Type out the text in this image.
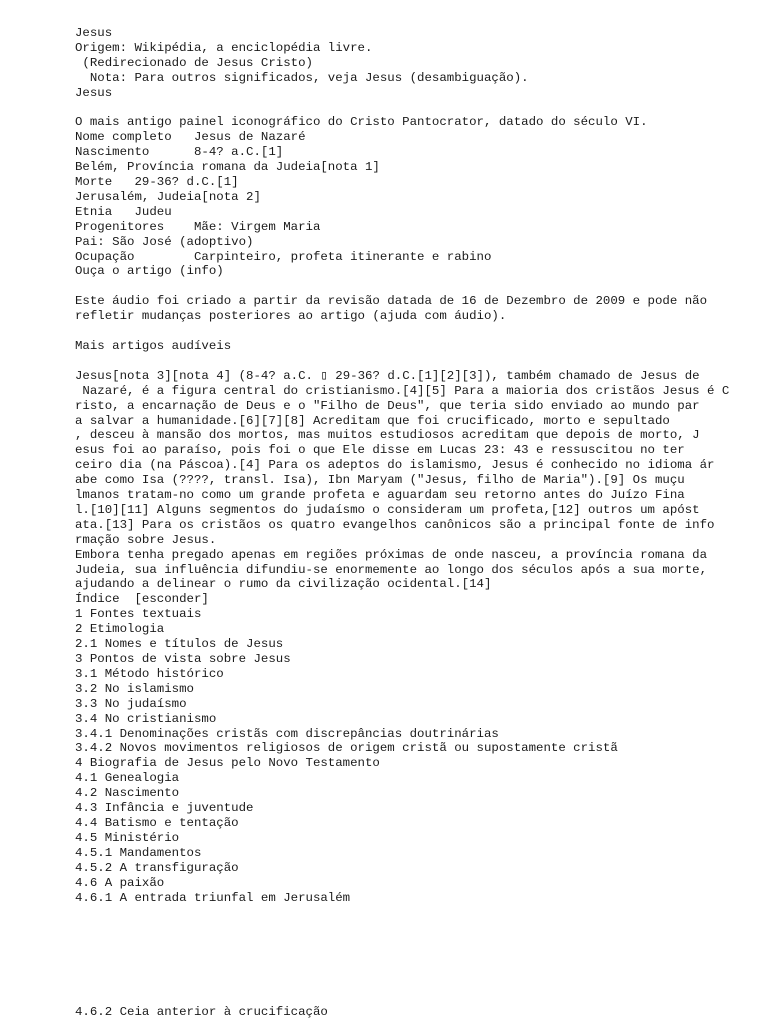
Jesus
Origem: Wikipédia, a enciclopédia livre.
(Redirecionado de Jesus Cristo)
Nota: Para outros significados, veja Jesus (desambiguação).
Jesus
O mais antigo painel iconográfico do Cristo Pantocrator, datado do século VI.
Nome completo   Jesus de Nazaré
Nascimento      8-4? a.C.[1]
Belém, Província romana da Judeia[nota 1]
Morte   29-36? d.C.[1]
Jerusalém, Judeia[nota 2]
Etnia   Judeu
Progenitores    Mãe: Virgem Maria
Pai: São José (adoptivo)
Ocupação        Carpinteiro, profeta itinerante e rabino
Ouça o artigo (info)
Este áudio foi criado a partir da revisão datada de 16 de Dezembro de 2009 e pode não
refletir mudanças posteriores ao artigo (ajuda com áudio).
Mais artigos audíveis
Jesus[nota 3][nota 4] (8-4? a.C. ▯ 29-36? d.C.[1][2][3]), também chamado de Jesus de
Nazaré, é a figura central do cristianismo.[4][5] Para a maioria dos cristãos Jesus é C
risto, a encarnação de Deus e o "Filho de Deus", que teria sido enviado ao mundo par
a salvar a humanidade.[6][7][8] Acreditam que foi crucificado, morto e sepultado
, desceu à mansão dos mortos, mas muitos estudiosos acreditam que depois de morto, J
esus foi ao paraíso, pois foi o que Ele disse em Lucas 23: 43 e ressuscitou no ter
ceiro dia (na Páscoa).[4] Para os adeptos do islamismo, Jesus é conhecido no idioma ár
abe como Isa (????, transl. Isa), Ibn Maryam ("Jesus, filho de Maria").[9] Os muçu
lmanos tratam-no como um grande profeta e aguardam seu retorno antes do Juízo Fina
l.[10][11] Alguns segmentos do judaísmo o consideram um profeta,[12] outros um apóst
ata.[13] Para os cristãos os quatro evangelhos canônicos são a principal fonte de info
rmação sobre Jesus.
Embora tenha pregado apenas em regiões próximas de onde nasceu, a província romana da
Judeia, sua influência difundiu-se enormemente ao longo dos séculos após a sua morte,
ajudando a delinear o rumo da civilização ocidental.[14]
Índice  [esconder]
1 Fontes textuais
2 Etimologia
2.1 Nomes e títulos de Jesus
3 Pontos de vista sobre Jesus
3.1 Método histórico
3.2 No islamismo
3.3 No judaísmo
3.4 No cristianismo
3.4.1 Denominações cristãs com discrepâncias doutrinárias
3.4.2 Novos movimentos religiosos de origem cristã ou supostamente cristã
4 Biografia de Jesus pelo Novo Testamento
4.1 Genealogia
4.2 Nascimento
4.3 Infância e juventude
4.4 Batismo e tentação
4.5 Ministério
4.5.1 Mandamentos
4.5.2 A transfiguração
4.6 A paixão
4.6.1 A entrada triunfal em Jerusalém
4.6.2 Ceia anterior à crucificação
